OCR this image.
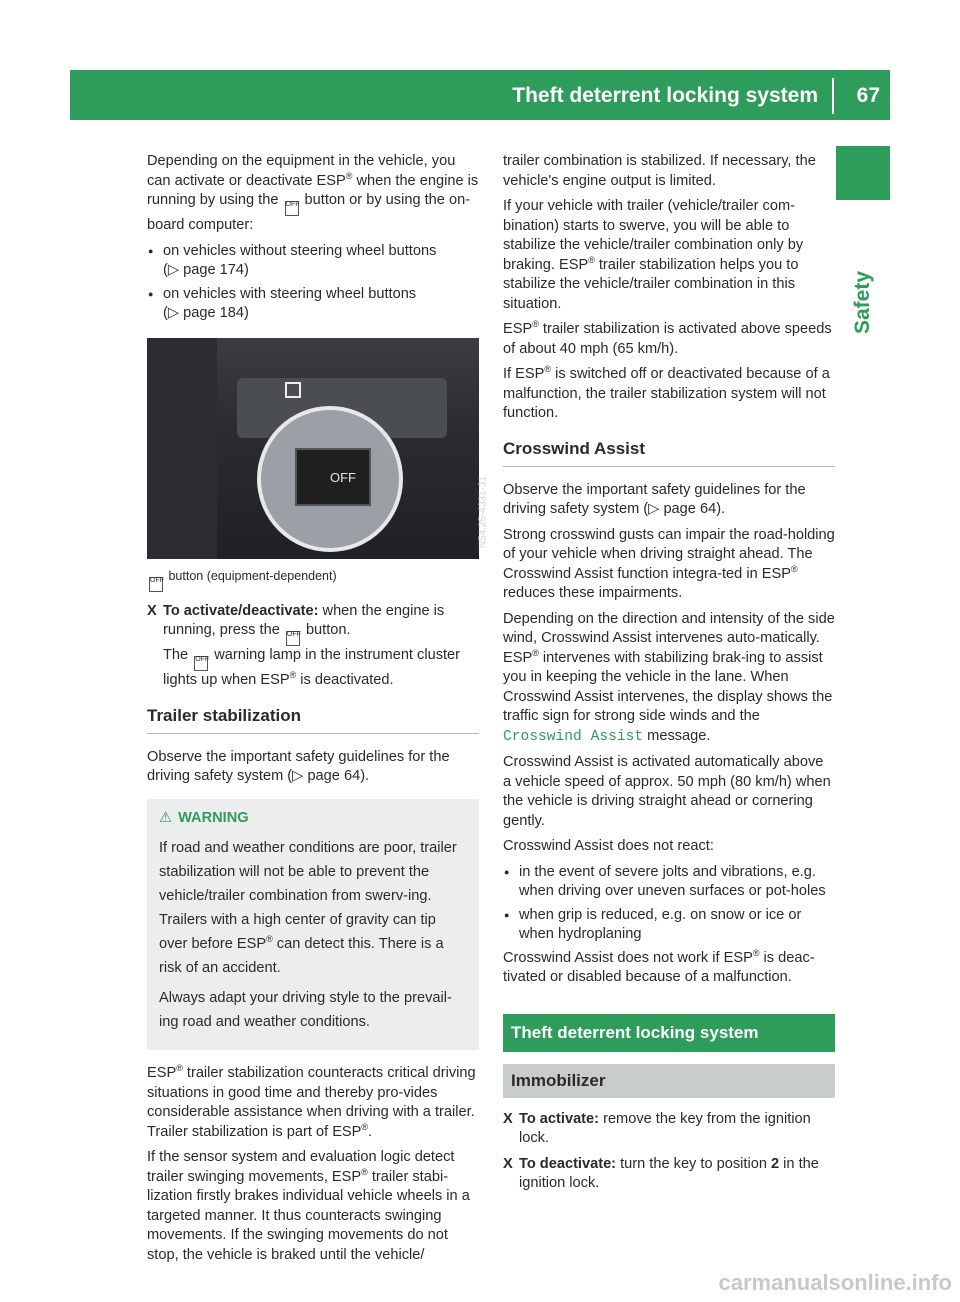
Theft deterrent locking system 67
Safety

Depending on the equipment in the vehicle, you can activate or deactivate ESP® when the engine is running by using the OFF button or by using the on-board computer:

● on vehicles without steering wheel buttons
(▷ page 174)
● on vehicles with steering wheel buttons
(▷ page 184)
OFF	N54.25-4331-31

OFF button (equipment-dependent)

X To activate/deactivate: when the engine is running, press the OFF button.
The OFF warning lamp in the instrument cluster lights up when ESP® is deactivated.
Trailer stabilization

Observe the important safety guidelines for the driving safety system (▷ page 64).

⚠ WARNING

If road and weather conditions are poor, trailer stabilization will not be able to prevent the vehicle/trailer combination from swerv-ing. Trailers with a high center of gravity can tip over before ESP® can detect this. There is a risk of an accident.

Always adapt your driving style to the prevail-ing road and weather conditions.

ESP® trailer stabilization counteracts critical driving situations in good time and thereby pro-vides considerable assistance when driving with a trailer. Trailer stabilization is part of ESP®.

If the sensor system and evaluation logic detect trailer swinging movements, ESP® trailer stabi-lization firstly brakes individual vehicle wheels in a targeted manner. It thus counteracts swinging movements. If the swinging movements do not stop, the vehicle is braked until the vehicle/

trailer combination is stabilized. If necessary, the vehicle's engine output is limited.

If your vehicle with trailer (vehicle/trailer com-bination) starts to swerve, you will be able to stabilize the vehicle/trailer combination only by braking. ESP® trailer stabilization helps you to stabilize the vehicle/trailer combination in this situation.

ESP® trailer stabilization is activated above speeds of about 40 mph (65 km/h).

If ESP® is switched off or deactivated because of a malfunction, the trailer stabilization system will not function.

Crosswind Assist

Observe the important safety guidelines for the driving safety system (▷ page 64).

Strong crosswind gusts can impair the road-holding of your vehicle when driving straight ahead. The Crosswind Assist function integra-ted in ESP® reduces these impairments.

Depending on the direction and intensity of the side wind, Crosswind Assist intervenes auto-matically. ESP® intervenes with stabilizing brak-ing to assist you in keeping the vehicle in the lane. When Crosswind Assist intervenes, the display shows the traffic sign for strong side winds and the Crosswind Assist message.

Crosswind Assist is activated automatically above a vehicle speed of approx. 50 mph (80 km/h) when the vehicle is driving straight ahead or cornering gently.

Crosswind Assist does not react:

● in the event of severe jolts and vibrations, e.g. when driving over uneven surfaces or pot-holes
● when grip is reduced, e.g. on snow or ice or when hydroplaning

Crosswind Assist does not work if ESP® is deac-tivated or disabled because of a malfunction.

Theft deterrent locking system
Immobilizer
X To activate: remove the key from the ignition lock.
X To deactivate: turn the key to position 2 in the ignition lock.
carmanualsonline.info
